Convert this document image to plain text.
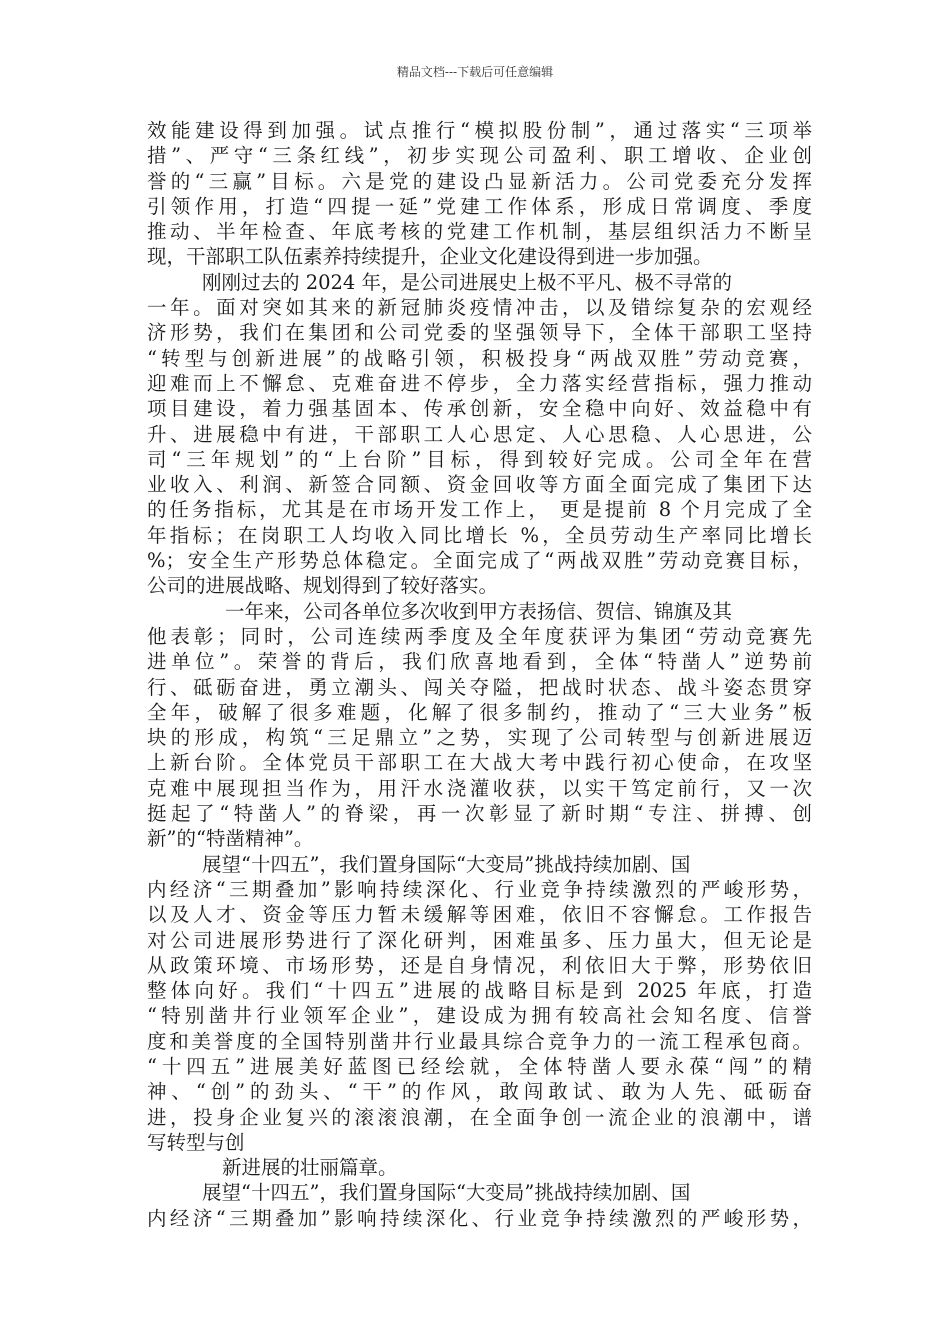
精品文档---下载后可任意编辑
效能建设得到加强。试点推行“模拟股份制”，通过落实“三项举
措”、严守“三条红线”，初步实现公司盈利、职工增收、企业创
誉的“三赢”目标。六是党的建设凸显新活力。公司党委充分发挥
引领作用，打造“四提一延”党建工作体系，形成日常调度、季度
推动、半年检查、年底考核的党建工作机制，基层组织活力不断呈
现，干部职工队伍素养持续提升，企业文化建设得到进一步加强。
刚刚过去的 2024 年，是公司进展史上极不平凡、极不寻常的
一年。面对突如其来的新冠肺炎疫情冲击，以及错综复杂的宏观经
济形势，我们在集团和公司党委的坚强领导下，全体干部职工坚持
“转型与创新进展”的战略引领，积极投身“两战双胜”劳动竞赛，
迎难而上不懈怠、克难奋进不停步，全力落实经营指标，强力推动
项目建设，着力强基固本、传承创新，安全稳中向好、效益稳中有
升、进展稳中有进，干部职工人心思定、人心思稳、人心思进，公
司“三年规划”的“上台阶”目标，得到较好完成。公司全年在营
业收入、利润、新签合同额、资金回收等方面全面完成了集团下达
的任务指标，尤其是在市场开发工作上， 更是提前 8 个月完成了全
年指标；在岗职工人均收入同比增长 %，全员劳动生产率同比增长
%；安全生产形势总体稳定。全面完成了“两战双胜”劳动竞赛目标，
公司的进展战略、规划得到了较好落实。
一年来，公司各单位多次收到甲方表扬信、贺信、锦旗及其
他表彰；同时，公司连续两季度及全年度获评为集团“劳动竞赛先
进单位”。荣誉的背后，我们欣喜地看到，全体“特凿人”逆势前
行、砥砺奋进，勇立潮头、闯关夺隘，把战时状态、战斗姿态贯穿
全年，破解了很多难题，化解了很多制约，推动了“三大业务”板
块的形成，构筑“三足鼎立”之势，实现了公司转型与创新进展迈
上新台阶。全体党员干部职工在大战大考中践行初心使命，在攻坚
克难中展现担当作为，用汗水浇灌收获，以实干笃定前行，又一次
挺起了“特凿人”的脊梁，再一次彰显了新时期“专注、拼搏、创
新”的“特凿精神”。
展望“十四五”，我们置身国际“大变局”挑战持续加剧、国
内经济“三期叠加”影响持续深化、行业竞争持续激烈的严峻形势，
以及人才、资金等压力暂未缓解等困难，依旧不容懈怠。工作报告
对公司进展形势进行了深化研判，困难虽多、压力虽大，但无论是
从政策环境、市场形势，还是自身情况，利依旧大于弊，形势依旧
整体向好。我们“十四五”进展的战略目标是到 2025 年底，打造
“特别凿井行业领军企业”，建设成为拥有较高社会知名度、信誉
度和美誉度的全国特别凿井行业最具综合竞争力的一流工程承包商。
“十四五”进展美好蓝图已经绘就，全体特凿人要永葆“闯”的精
神、“创”的劲头、“干”的作风，敢闯敢试、敢为人先、砥砺奋
进，投身企业复兴的滚滚浪潮，在全面争创一流企业的浪潮中，谱
写转型与创
新进展的壮丽篇章。
展望“十四五”，我们置身国际“大变局”挑战持续加剧、国
内经济“三期叠加”影响持续深化、行业竞争持续激烈的严峻形势，
